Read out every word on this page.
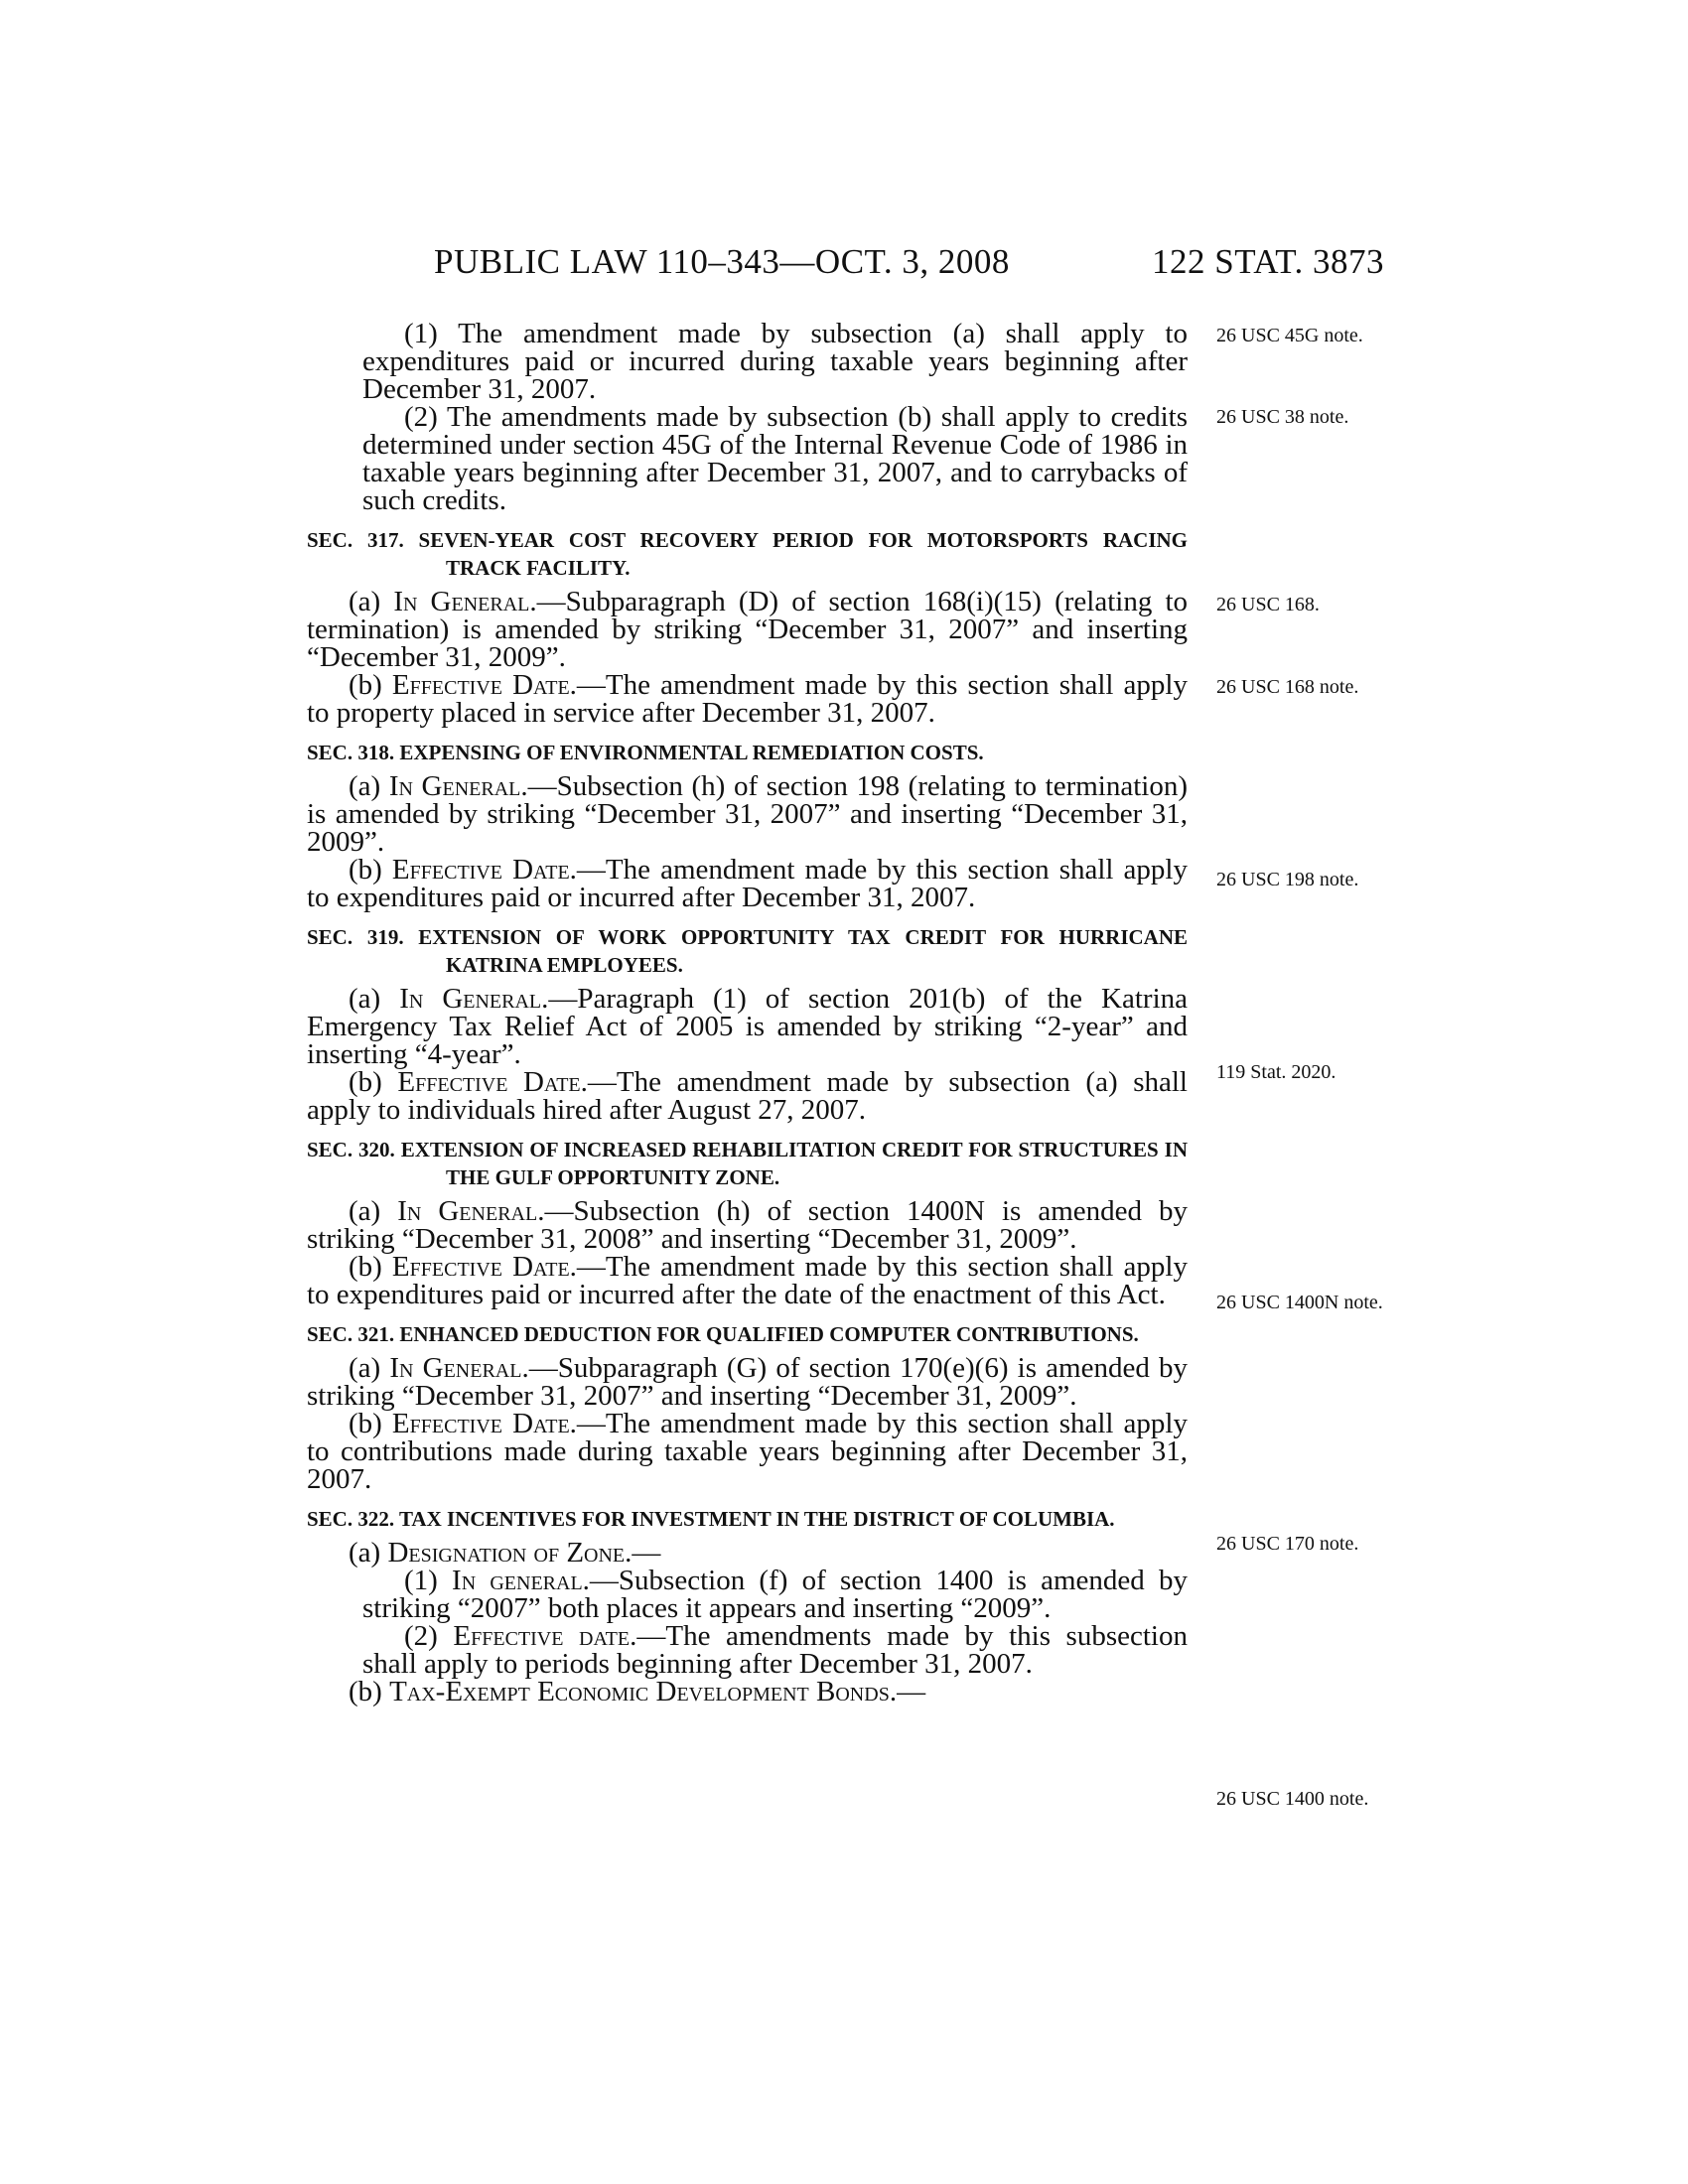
PUBLIC LAW 110–343—OCT. 3, 2008	122 STAT. 3873

(1) The amendment made by subsection (a) shall apply to expenditures paid or incurred during taxable years beginning after December 31, 2007.

(2) The amendments made by subsection (b) shall apply to credits determined under section 45G of the Internal Revenue Code of 1986 in taxable years beginning after December 31, 2007, and to carrybacks of such credits.

SEC. 317. SEVEN-YEAR COST RECOVERY PERIOD FOR MOTORSPORTS RACING TRACK FACILITY.

(a) In General.—Subparagraph (D) of section 168(i)(15) (relating to termination) is amended by striking “December 31, 2007” and inserting “December 31, 2009”.

(b) Effective Date.—The amendment made by this section shall apply to property placed in service after December 31, 2007.

SEC. 318. EXPENSING OF ENVIRONMENTAL REMEDIATION COSTS.

(a) In General.—Subsection (h) of section 198 (relating to termination) is amended by striking “December 31, 2007” and inserting “December 31, 2009”.

(b) Effective Date.—The amendment made by this section shall apply to expenditures paid or incurred after December 31, 2007.

SEC. 319. EXTENSION OF WORK OPPORTUNITY TAX CREDIT FOR HURRICANE KATRINA EMPLOYEES.

(a) In General.—Paragraph (1) of section 201(b) of the Katrina Emergency Tax Relief Act of 2005 is amended by striking “2-year” and inserting “4-year”.

(b) Effective Date.—The amendment made by subsection (a) shall apply to individuals hired after August 27, 2007.

SEC. 320. EXTENSION OF INCREASED REHABILITATION CREDIT FOR STRUCTURES IN THE GULF OPPORTUNITY ZONE.

(a) In General.—Subsection (h) of section 1400N is amended by striking “December 31, 2008” and inserting “December 31, 2009”.

(b) Effective Date.—The amendment made by this section shall apply to expenditures paid or incurred after the date of the enactment of this Act.

SEC. 321. ENHANCED DEDUCTION FOR QUALIFIED COMPUTER CONTRIBUTIONS.

(a) In General.—Subparagraph (G) of section 170(e)(6) is amended by striking “December 31, 2007” and inserting “December 31, 2009”.

(b) Effective Date.—The amendment made by this section shall apply to contributions made during taxable years beginning after December 31, 2007.

SEC. 322. TAX INCENTIVES FOR INVESTMENT IN THE DISTRICT OF COLUMBIA.

(a) Designation of Zone.—

(1) In general.—Subsection (f) of section 1400 is amended by striking “2007” both places it appears and inserting “2009”.

(2) Effective date.—The amendments made by this subsection shall apply to periods beginning after December 31, 2007.

(b) Tax-Exempt Economic Development Bonds.—

26 USC 45G note.
26 USC 38 note.
26 USC 168.
26 USC 168 note.
26 USC 198 note.
119 Stat. 2020.
26 USC 1400N note.
26 USC 170 note.
26 USC 1400 note.
